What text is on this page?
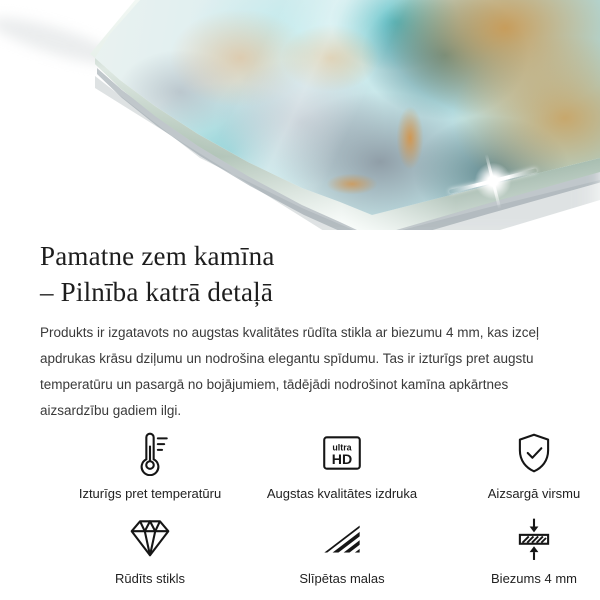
Pamatne zem kamīna
– Pilnība katrā detaļā

Produkts ir izgatavots no augstas kvalitātes rūdīta stikla ar biezumu 4 mm, kas izceļ apdrukas krāsu dziļumu un nodrošina elegantu spīdumu. Tas ir izturīgs pret augstu temperatūru un pasargā no bojājumiem, tādējādi nodrošinot kamīna apkārtnes aizsardzību gadiem ilgi.

Izturīgs pret temperatūru
ultra
HD
Augstas kvalitātes izdruka	Aizsargā virsmu
Rūdīts stikls	Slīpētas malas	Biezums 4 mm
